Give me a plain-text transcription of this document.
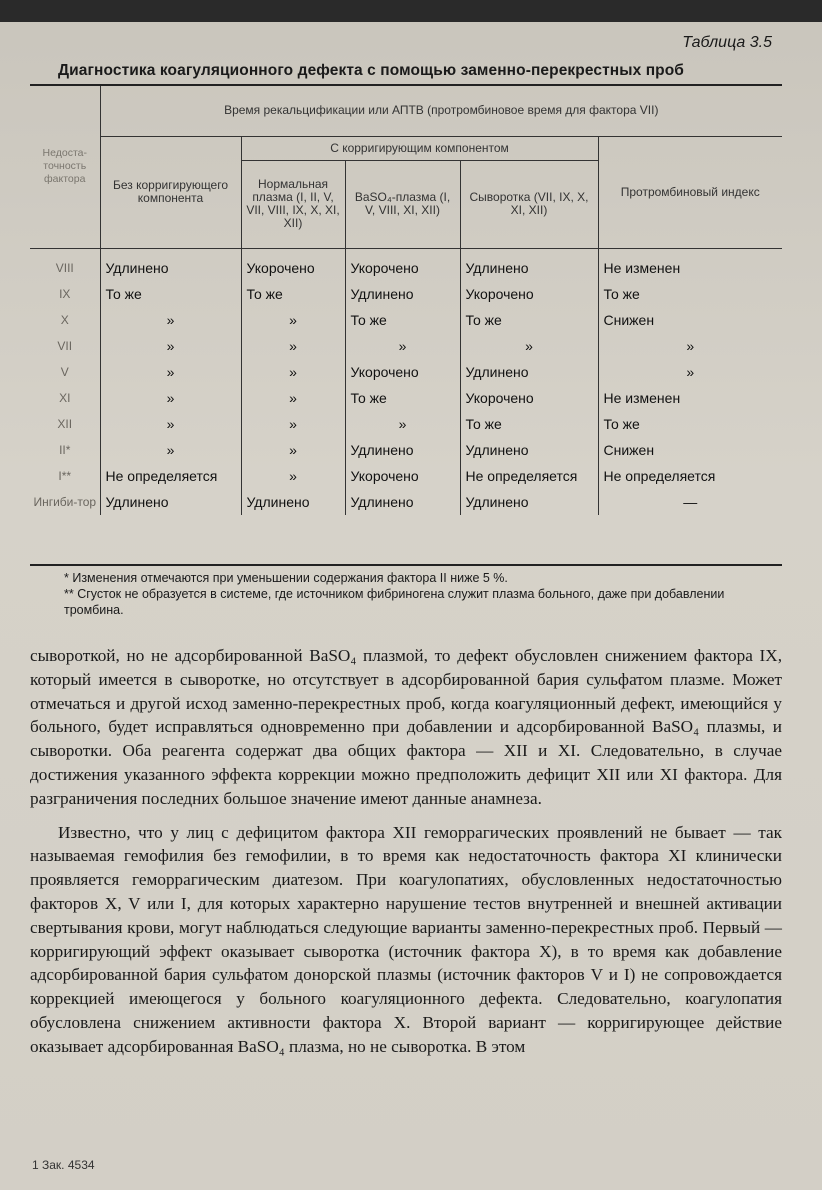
Таблица 3.5
Диагностика коагуляционного дефекта с помощью заменно-перекрестных проб
Недоста-точность фактора	Время рекальцификации или АПТВ (протромбиновое время для фактора VII)				
	Без корригирующего компонента	С корригирующим компонентом			Протромбиновый индекс
		Нормальная плазма (I, II, V, VII, VIII, IX, X, XI, XII)	BaSO₄-плазма (I, V, VIII, XI, XII)	Сыворотка (VII, IX, X, XI, XII)	
VIII	Удлинено	Укорочено	Укорочено	Удлинено	Не изменен
IX	То же	То же	Удлинено	Укорочено	То же
X	»	»	То же	То же	Снижен
VII	»	»	»	»	»
V	»	»	Укорочено	Удлинено	»
XI	»	»	То же	Укорочено	Не изменен
XII	»	»	»	То же	То же
II*	»	»	Удлинено	Удлинено	Снижен
I**	Не определяется	»	Укорочено	Не определяется	Не определяется
Ингиби-тор	Удлинено	Удлинено	Удлинено	Удлинено	—
* Изменения отмечаются при уменьшении содержания фактора II ниже 5 %.
** Сгусток не образуется в системе, где источником фибриногена служит плазма больного, даже при добавлении тромбина.

сывороткой, но не адсорбированной BaSO₄ плазмой, то дефект обусловлен снижением фактора IX, который имеется в сыворотке, но отсутствует в адсорбированной бария сульфатом плазме. Может отмечаться и другой исход заменно-перекрестных проб, когда коагуляционный дефект, имеющийся у больного, будет исправляться одновременно при добавлении и адсорбированной BaSO₄ плазмы, и сыворотки. Оба реагента содержат два общих фактора — XII и XI. Следовательно, в случае достижения указанного эффекта коррекции можно предположить дефицит XII или XI фактора. Для разграничения последних большое значение имеют данные анамнеза.

Известно, что у лиц с дефицитом фактора XII геморрагических проявлений не бывает — так называемая гемофилия без гемофилии, в то время как недостаточность фактора XI клинически проявляется геморрагическим диатезом. При коагулопатиях, обусловленных недостаточностью факторов X, V или I, для которых характерно нарушение тестов внутренней и внешней активации свертывания крови, могут наблюдаться следующие варианты заменно-перекрестных проб. Первый — корригирующий эффект оказывает сыворотка (источник фактора X), в то время как добавление адсорбированной бария сульфатом донорской плазмы (источник факторов V и I) не сопровождается коррекцией имеющегося у больного коагуляционного дефекта. Следовательно, коагулопатия обусловлена снижением активности фактора X. Второй вариант — корригирующее действие оказывает адсорбированная BaSO₄ плазма, но не сыворотка. В этом

1 Зак. 4534
